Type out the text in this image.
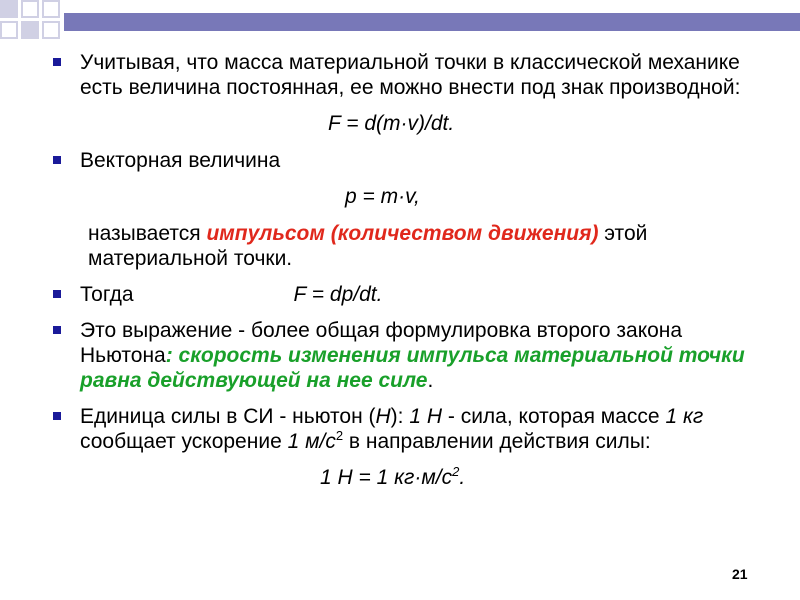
Учитывая, что масса материальной точки в классической механике есть величина постоянная, ее можно внести под знак производной:
F = d(m·v)/dt.
Векторная величина
p = m·v,
называется импульсом (количеством движения) этой материальной точки.
Тогда	F = dp/dt.
Это выражение - более общая формулировка второго закона Ньютона: скорость изменения импульса материальной точки равна действующей на нее силе.
Единица силы в СИ - ньютон (Н): 1 Н - сила, которая массе 1 кг сообщает ускорение 1 $м/с^2$ в направлении действия силы:
1 Н = 1 $кг\cdot м/с^2$.
21
